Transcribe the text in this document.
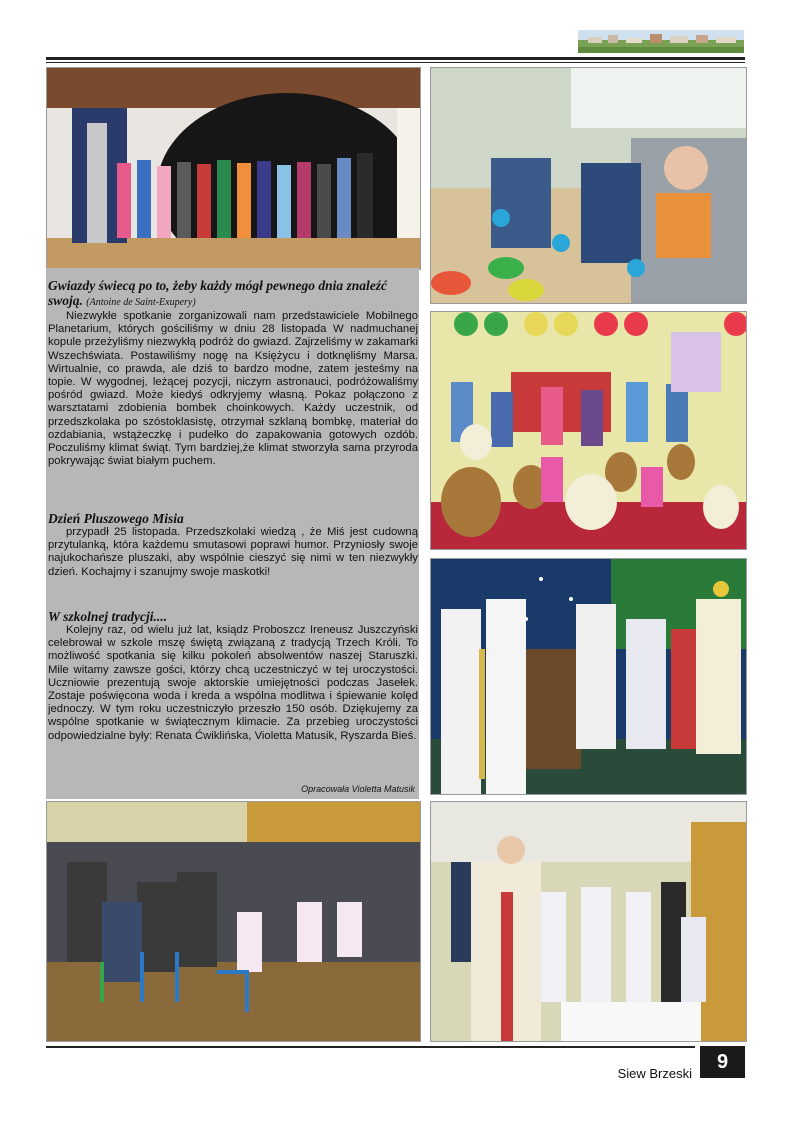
Gwiazdy świecą po to, żeby każdy mógł pewnego dnia znaleźć swoją. (Antoine de Saint-Exupery)

Niezwykłe spotkanie zorganizowali nam przedstawiciele Mobilnego Planetarium, których gościliśmy w dniu 28 listopada W nadmuchanej kopule przeżyliśmy niezwykłą podróż do gwiazd. Zajrzeliśmy w zakamarki Wszechświata. Postawiliśmy nogę na Księżycu i dotknęliśmy Marsa. Wirtualnie, co prawda, ale dziś to bardzo modne, zatem jesteśmy na topie. W wygodnej, leżącej pozycji, niczym astronauci, podróżowaliśmy pośród gwiazd. Może kiedyś odkryjemy własną. Pokaz połączono z warsztatami zdobienia bombek choinkowych. Każdy uczestnik, od przedszkolaka po szóstoklasistę, otrzymał szklaną bombkę, materiał do ozdabiania, wstążeczkę i pudełko do zapakowania gotowych ozdób. Poczuliśmy klimat świąt. Tym bardziej,że klimat stworzyła sama przyroda pokrywając świat białym puchem.

Dzień Pluszowego Misia

przypadł 25 listopada. Przedszkolaki wiedzą , że Miś jest cudowną przytulanką, która każdemu smutasowi poprawi humor. Przyniosły swoje najukochańsze pluszaki, aby wspólnie cieszyć się nimi w ten niezwykły dzień. Kochajmy i szanujmy swoje maskotki!

W szkolnej tradycji....

Kolejny raz, od wielu już lat, ksiądz Proboszcz Ireneusz Juszczyński celebrował w szkole mszę świętą związaną z tradycją Trzech Króli. To możliwość spotkania się kilku pokoleń absolwentów naszej Staruszki. Mile witamy zawsze gości, którzy chcą uczestniczyć w tej uroczystości. Uczniowie prezentują swoje aktorskie umiejętności podczas Jasełek. Zostaje poświęcona woda i kreda a wspólna modlitwa i śpiewanie kolęd jednoczy. W tym roku uczestniczyło przeszło 150 osób. Dziękujemy za wspólne spotkanie w świątecznym klimacie. Za przebieg uroczystości odpowiedzialne były: Renata Ćwiklińska, Violetta Matusik, Ryszarda Bieś.

Opracowała Violetta Matusik

Siew Brzeski
9
